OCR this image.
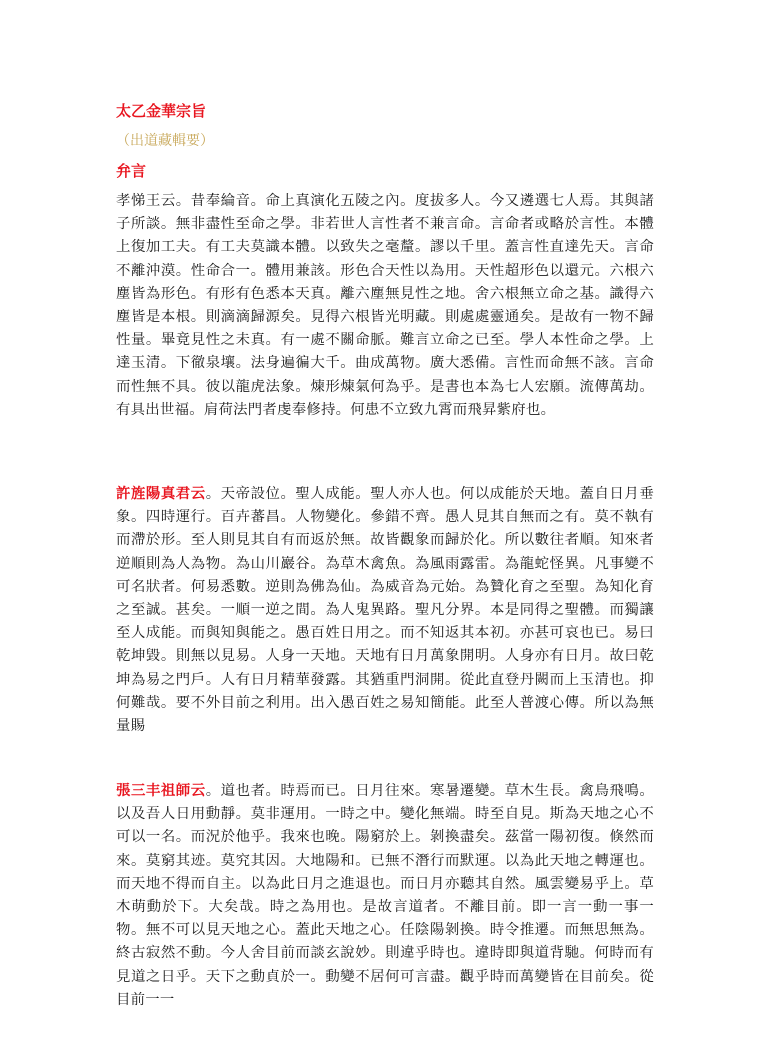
太乙金華宗旨
（出道藏輯要）
弁言

孝悌王云。昔奉綸音。命上真演化五陵之內。度拔多人。今又遴選七人焉。其與諸子所談。無非盡性至命之學。非若世人言性者不兼言命。言命者或略於言性。本體上復加工夫。有工夫莫識本體。以致失之毫釐。謬以千里。蓋言性直達先天。言命不離沖漠。性命合一。體用兼該。形色合天性以為用。天性超形色以還元。六根六塵皆為形色。有形有色悉本天真。離六塵無見性之地。舍六根無立命之基。識得六塵皆是本根。則滴滴歸源矣。見得六根皆光明藏。則處處靈通矣。是故有一物不歸性量。畢竟見性之未真。有一處不關命脈。難言立命之已至。學人本性命之學。上達玉清。下徹泉壤。法身遍徧大千。曲成萬物。廣大悉備。言性而命無不該。言命而性無不具。彼以龍虎法象。煉形煉氣何為乎。是書也本為七人宏願。流傳萬劫。有具出世福。肩荷法門者虔奉修持。何患不立致九霄而飛昇紫府也。

許旌陽真君云。天帝設位。聖人成能。聖人亦人也。何以成能於天地。蓋自日月垂象。四時運行。百卉蕃昌。人物變化。參錯不齊。愚人見其自無而之有。莫不執有而滯於形。至人則見其自有而返於無。故皆觀象而歸於化。所以數往者順。知來者逆順則為人為物。為山川巖谷。為草木禽魚。為風雨露雷。為龍蛇怪異。凡事變不可名狀者。何易悉數。逆則為佛為仙。為威音為元始。為贊化育之至聖。為知化育之至誠。甚矣。一順一逆之間。為人鬼異路。聖凡分界。本是同得之聖體。而獨讓至人成能。而與知與能之。愚百姓日用之。而不知返其本初。亦甚可哀也已。易曰乾坤毀。則無以見易。人身一天地。天地有日月萬象開明。人身亦有日月。故曰乾坤為易之門戶。人有日月精華發露。其猶重門洞開。從此直登丹闕而上玉清也。抑何難哉。要不外目前之利用。出入愚百姓之易知簡能。此至人普渡心傳。所以為無量賜

張三丰祖師云。道也者。時焉而已。日月往來。寒暑遷變。草木生長。禽鳥飛鳴。以及吾人日用動靜。莫非運用。一時之中。變化無端。時至自見。斯為天地之心不可以一名。而況於他乎。我來也晚。陽窮於上。剝換盡矣。茲當一陽初復。倏然而來。莫窮其迹。莫究其因。大地陽和。已無不潛行而默運。以為此天地之轉運也。而天地不得而自主。以為此日月之進退也。而日月亦聽其自然。風雲變易乎上。草木萌動於下。大矣哉。時之為用也。是故言道者。不離目前。即一言一動一事一物。無不可以見天地之心。蓋此天地之心。任陰陽剝換。時令推遷。而無思無為。終古寂然不動。今人舍目前而談玄說妙。則違乎時也。違時即與道背馳。何時而有見道之日乎。天下之動貞於一。動變不居何可言盡。觀乎時而萬變皆在目前矣。從目前一一
